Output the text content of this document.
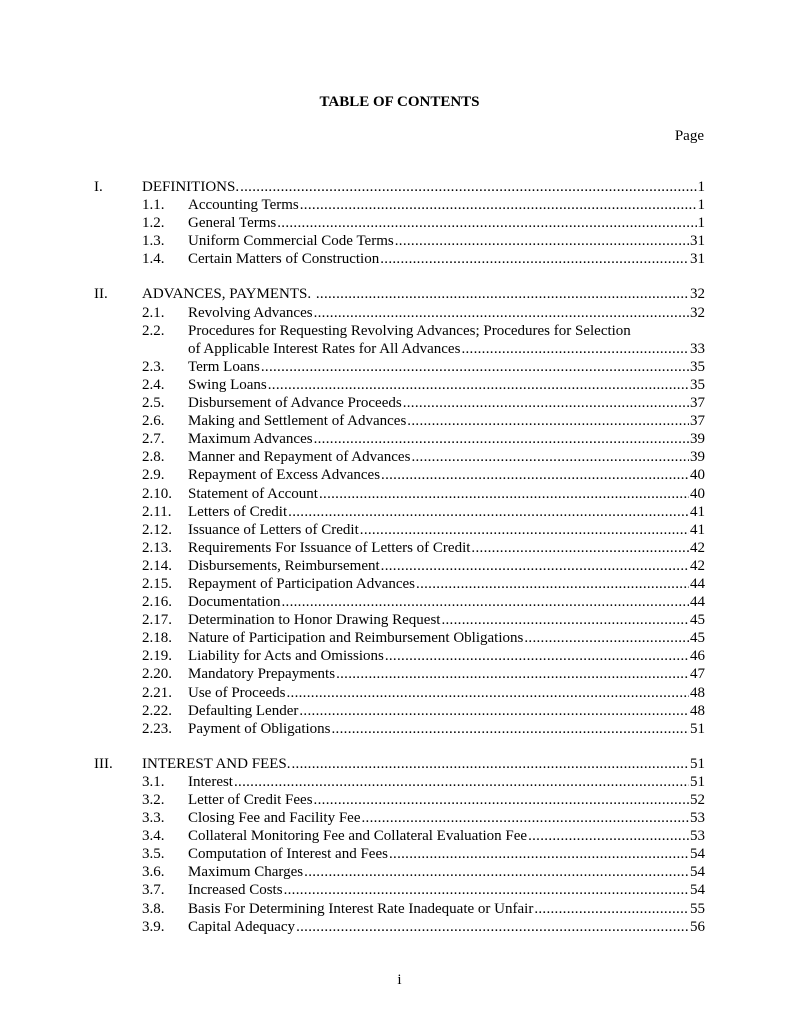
TABLE OF CONTENTS
Page
I.	DEFINITIONS. .....	1
1.1. Accounting Terms .....	1
1.2. General Terms .....	1
1.3. Uniform Commercial Code Terms .....	31
1.4. Certain Matters of Construction .....	31
II. ADVANCES, PAYMENTS. .....	32
2.1. Revolving Advances .....	32
2.2. Procedures for Requesting Revolving Advances; Procedures for Selection
of Applicable Interest Rates for All Advances .....	33
2.3. Term Loans .....	35
2.4. Swing Loans .....	35
2.5. Disbursement of Advance Proceeds .....	37
2.6. Making and Settlement of Advances .....	37
2.7. Maximum Advances .....	39
2.8. Manner and Repayment of Advances .....	39
2.9. Repayment of Excess Advances .....	40
2.10. Statement of Account .....	40
2.11. Letters of Credit .....	41
2.12. Issuance of Letters of Credit .....	41
2.13. Requirements For Issuance of Letters of Credit .....	42
2.14. Disbursements, Reimbursement .....	42
2.15. Repayment of Participation Advances .....	44
2.16. Documentation .....	44
2.17. Determination to Honor Drawing Request .....	45
2.18. Nature of Participation and Reimbursement Obligations .....	45
2.19. Liability for Acts and Omissions .....	46
2.20. Mandatory Prepayments .....	47
2.21. Use of Proceeds .....	48
2.22. Defaulting Lender .....	48
2.23. Payment of Obligations .....	51
III. INTEREST AND FEES. .....	51
3.1. Interest .....	51
3.2. Letter of Credit Fees .....	52
3.3. Closing Fee and Facility Fee .....	53
3.4. Collateral Monitoring Fee and Collateral Evaluation Fee .....	53
3.5. Computation of Interest and Fees .....	54
3.6. Maximum Charges .....	54
3.7. Increased Costs .....	54
3.8. Basis For Determining Interest Rate Inadequate or Unfair .....	55
3.9. Capital Adequacy .....	56
i
